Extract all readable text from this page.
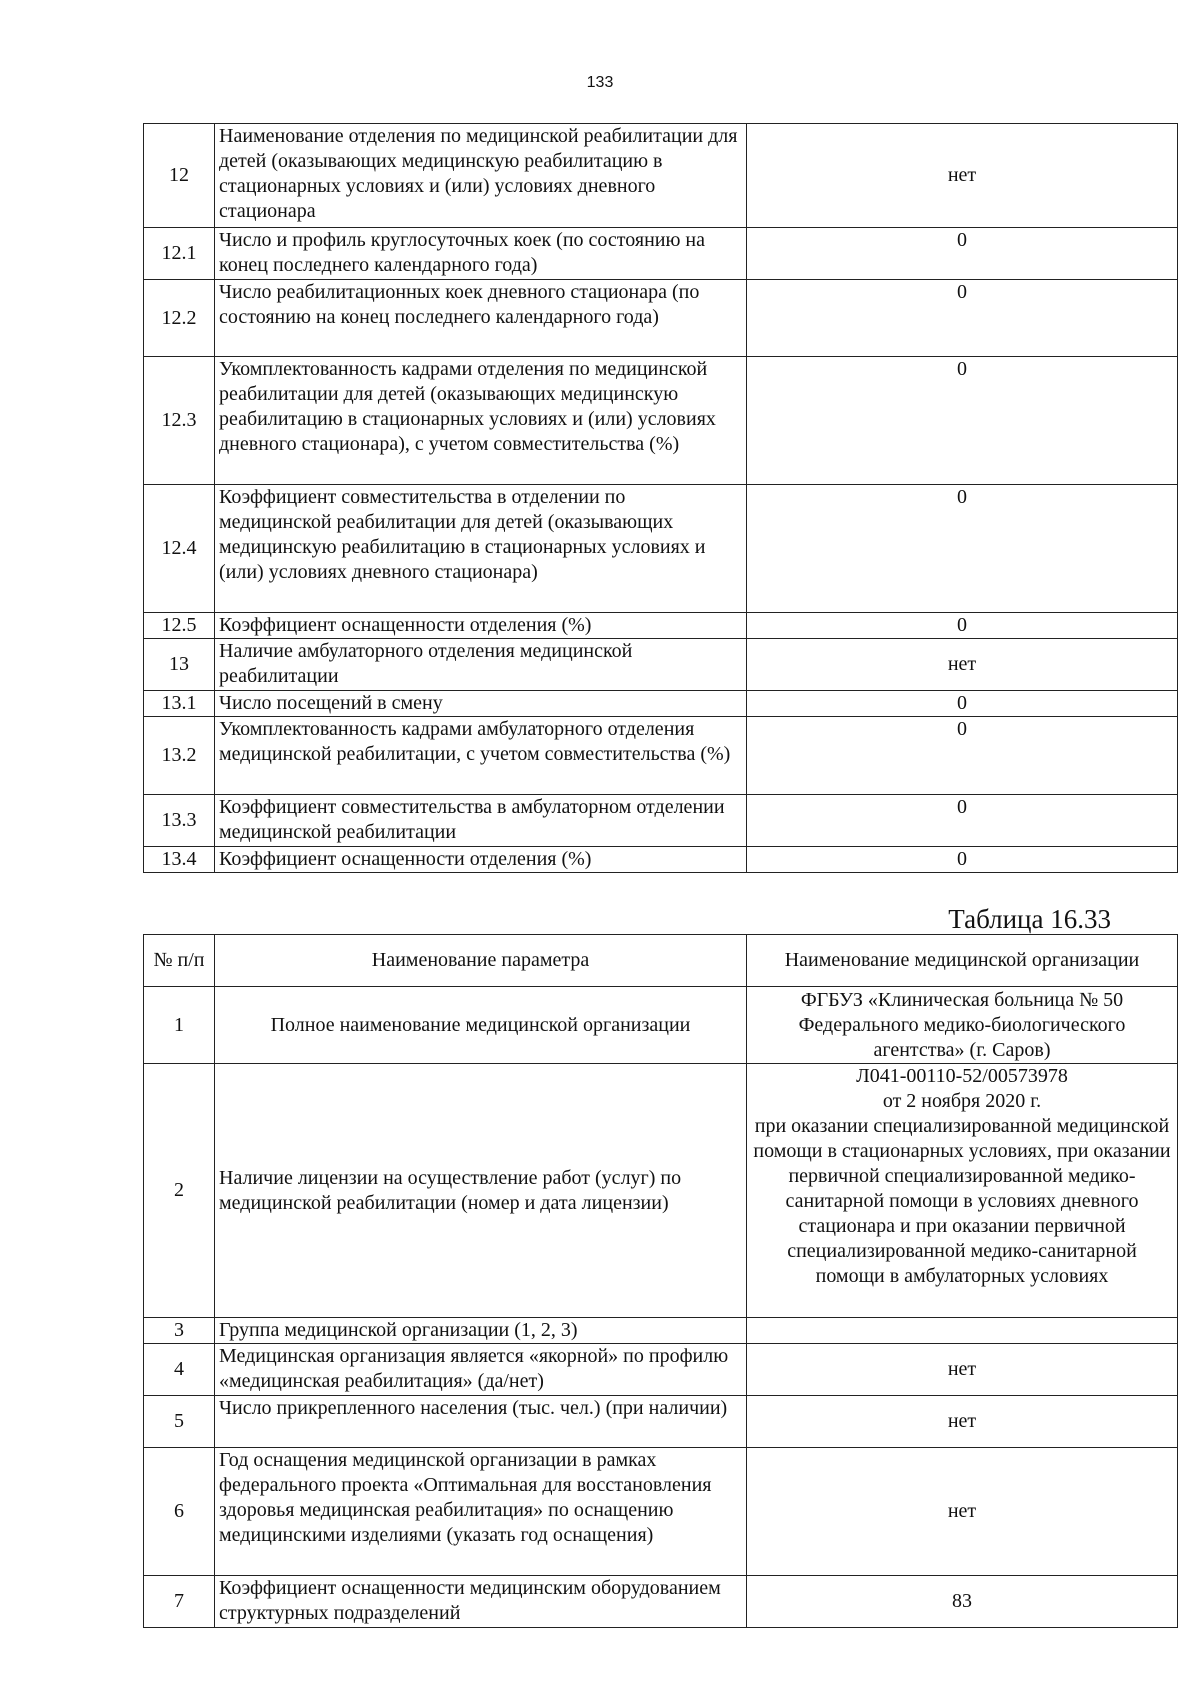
133
12	Наименование отделения по медицинской реабилитации для детей (оказывающих медицинскую реабилитацию в стационарных условиях и (или) условиях дневного стационара	нет
12.1	Число и профиль круглосуточных коек (по состоянию на конец последнего календарного года)	0
12.2	Число реабилитационных коек дневного стационара (по состоянию на конец последнего календарного года)	0
12.3	Укомплектованность кадрами отделения по медицинской реабилитации для детей (оказывающих медицинскую реабилитацию в стационарных условиях и (или) условиях дневного стационара), с учетом совместительства (%)	0
12.4	Коэффициент совместительства в отделении по медицинской реабилитации для детей (оказывающих медицинскую реабилитацию в стационарных условиях и (или) условиях дневного стационара)	0
12.5	Коэффициент оснащенности отделения (%)	0
13	Наличие амбулаторного отделения медицинской реабилитации	нет
13.1	Число посещений в смену	0
13.2	Укомплектованность кадрами амбулаторного отделения медицинской реабилитации, с учетом совместительства (%)	0
13.3	Коэффициент совместительства в амбулаторном отделении медицинской реабилитации	0
13.4	Коэффициент оснащенности отделения (%)	0
Таблица 16.33
№ п/п	Наименование параметра	Наименование медицинской организации
1	Полное наименование медицинской организации	ФГБУЗ «Клиническая больница № 50 Федерального медико-биологического агентства» (г. Саров)
2	Наличие лицензии на осуществление работ (услуг) по медицинской реабилитации (номер и дата лицензии)	Л041-00110-52/00573978
от 2 ноября 2020 г.
при оказании специализированной медицинской помощи в стационарных условиях, при оказании первичной специализированной медико-санитарной помощи в условиях дневного стационара и при оказании первичной специализированной медико-санитарной помощи в амбулаторных условиях

3	Группа медицинской организации (1, 2, 3)	
4	Медицинская организация является «якорной» по профилю «медицинская реабилитация» (да/нет)	нет
5	Число прикрепленного населения (тыс. чел.) (при наличии)	нет
6	Год оснащения медицинской организации в рамках федерального проекта «Оптимальная для восстановления здоровья медицинская реабилитация» по оснащению медицинскими изделиями (указать год оснащения)	нет
7	Коэффициент оснащенности медицинским оборудованием структурных подразделений	83
